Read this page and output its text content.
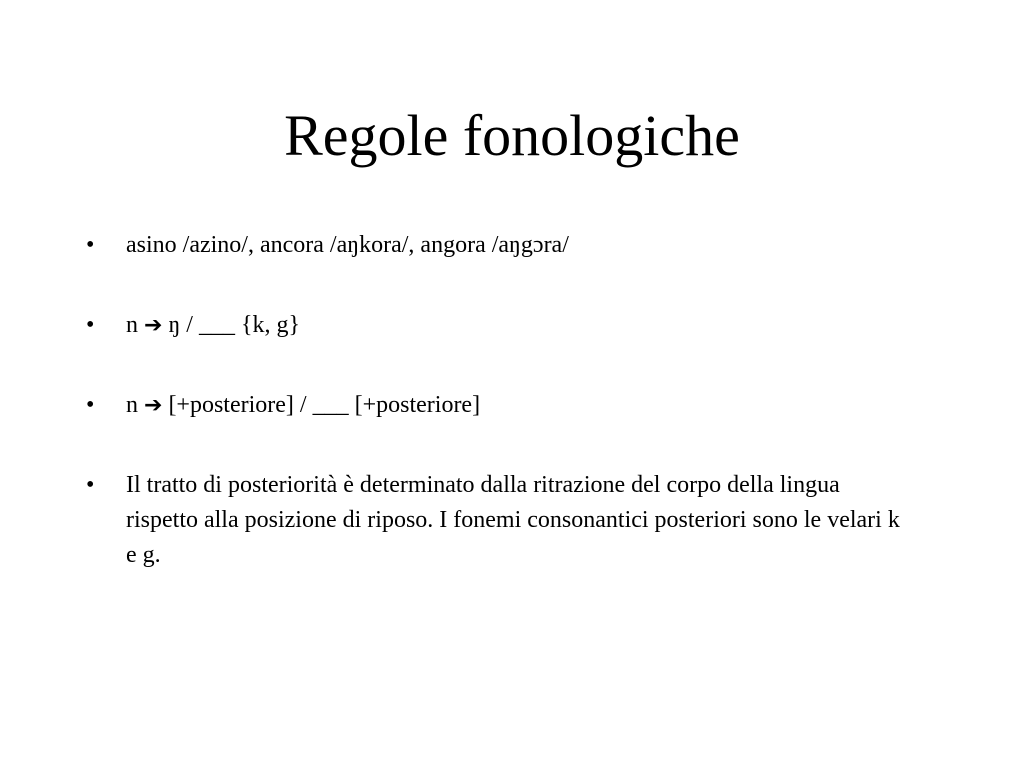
Regole fonologiche
•	asino /azino/, ancora /aŋkora/, angora /aŋgɔra/
•	n ➔ ŋ / ___ {k, g}
•	n ➔ [+posteriore] / ___ [+posteriore]
•	Il tratto di posteriorità è determinato dalla ritrazione del corpo della lingua rispetto alla posizione di riposo. I fonemi consonantici posteriori sono le velari k e g.
